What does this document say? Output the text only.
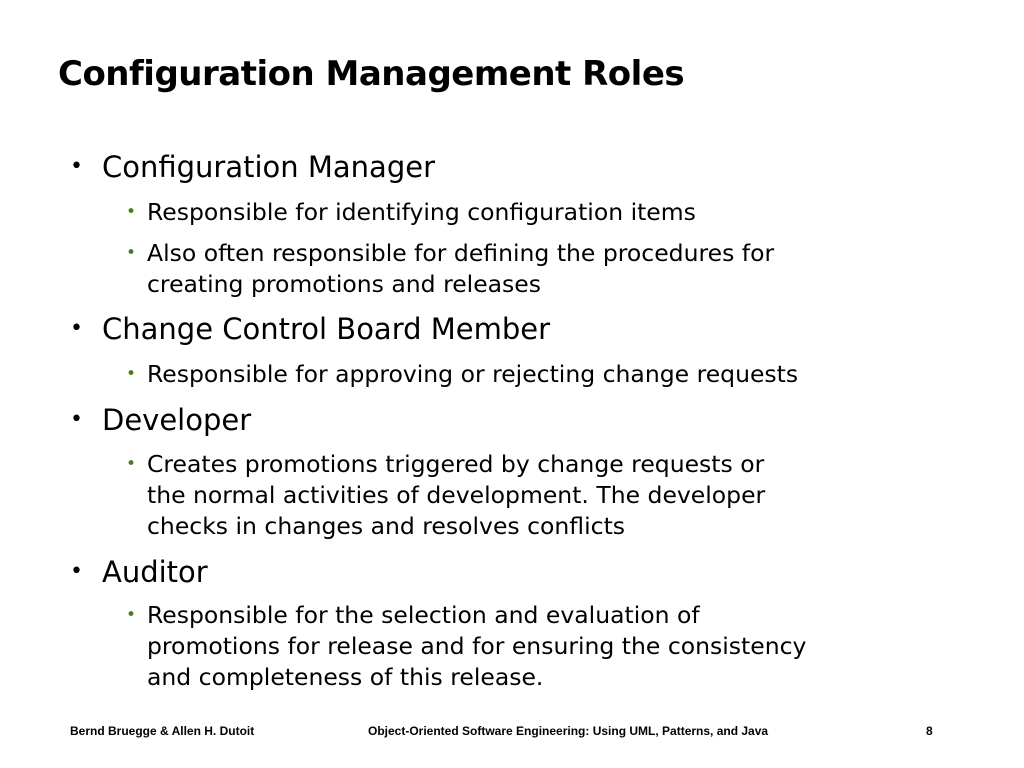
Configuration Management Roles
• Configuration Manager
• Responsible for identifying configuration items
• Also often responsible for defining the procedures for
creating promotions and releases
• Change Control Board Member
• Responsible for approving or rejecting change requests
• Developer
• Creates promotions triggered by change requests or
the normal activities of development. The developer
checks in changes and resolves conflicts
• Auditor
• Responsible for the selection and evaluation of
promotions for release and for ensuring the consistency
and completeness of this release.
Bernd Bruegge & Allen H. Dutoit	Object-Oriented Software Engineering: Using UML, Patterns, and Java	8
